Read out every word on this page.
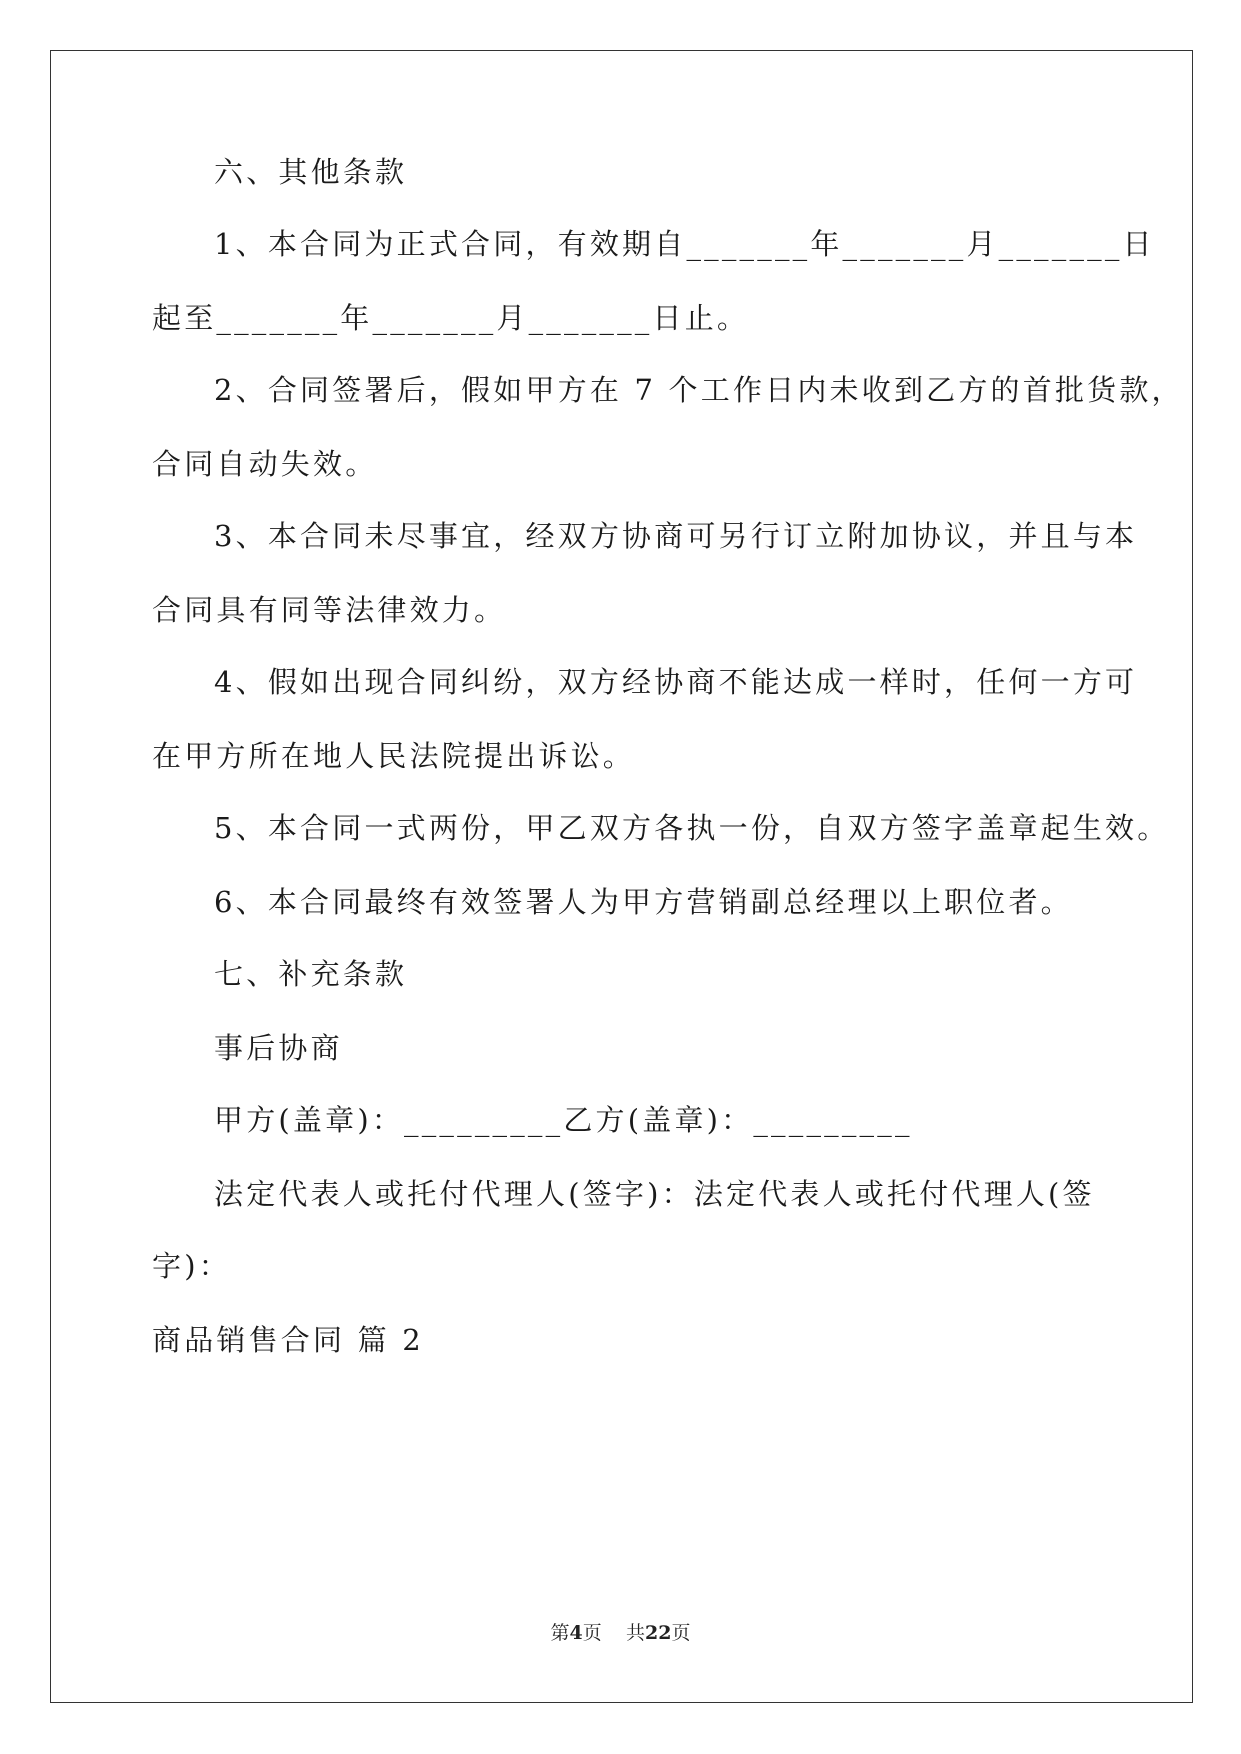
六、其他条款
1、本合同为正式合同，有效期自_______年_______月_______日
起至_______年_______月_______日止。
2、合同签署后，假如甲方在 7 个工作日内未收到乙方的首批货款，
合同自动失效。
3、本合同未尽事宜，经双方协商可另行订立附加协议，并且与本
合同具有同等法律效力。
4、假如出现合同纠纷，双方经协商不能达成一样时，任何一方可
在甲方所在地人民法院提出诉讼。
5、本合同一式两份，甲乙双方各执一份，自双方签字盖章起生效。
6、本合同最终有效签署人为甲方营销副总经理以上职位者。
七、补充条款
事后协商
甲方(盖章)：_________乙方(盖章)：_________
法定代表人或托付代理人(签字)：法定代表人或托付代理人(签
字)：
商品销售合同 篇 2
第4页 共22页
